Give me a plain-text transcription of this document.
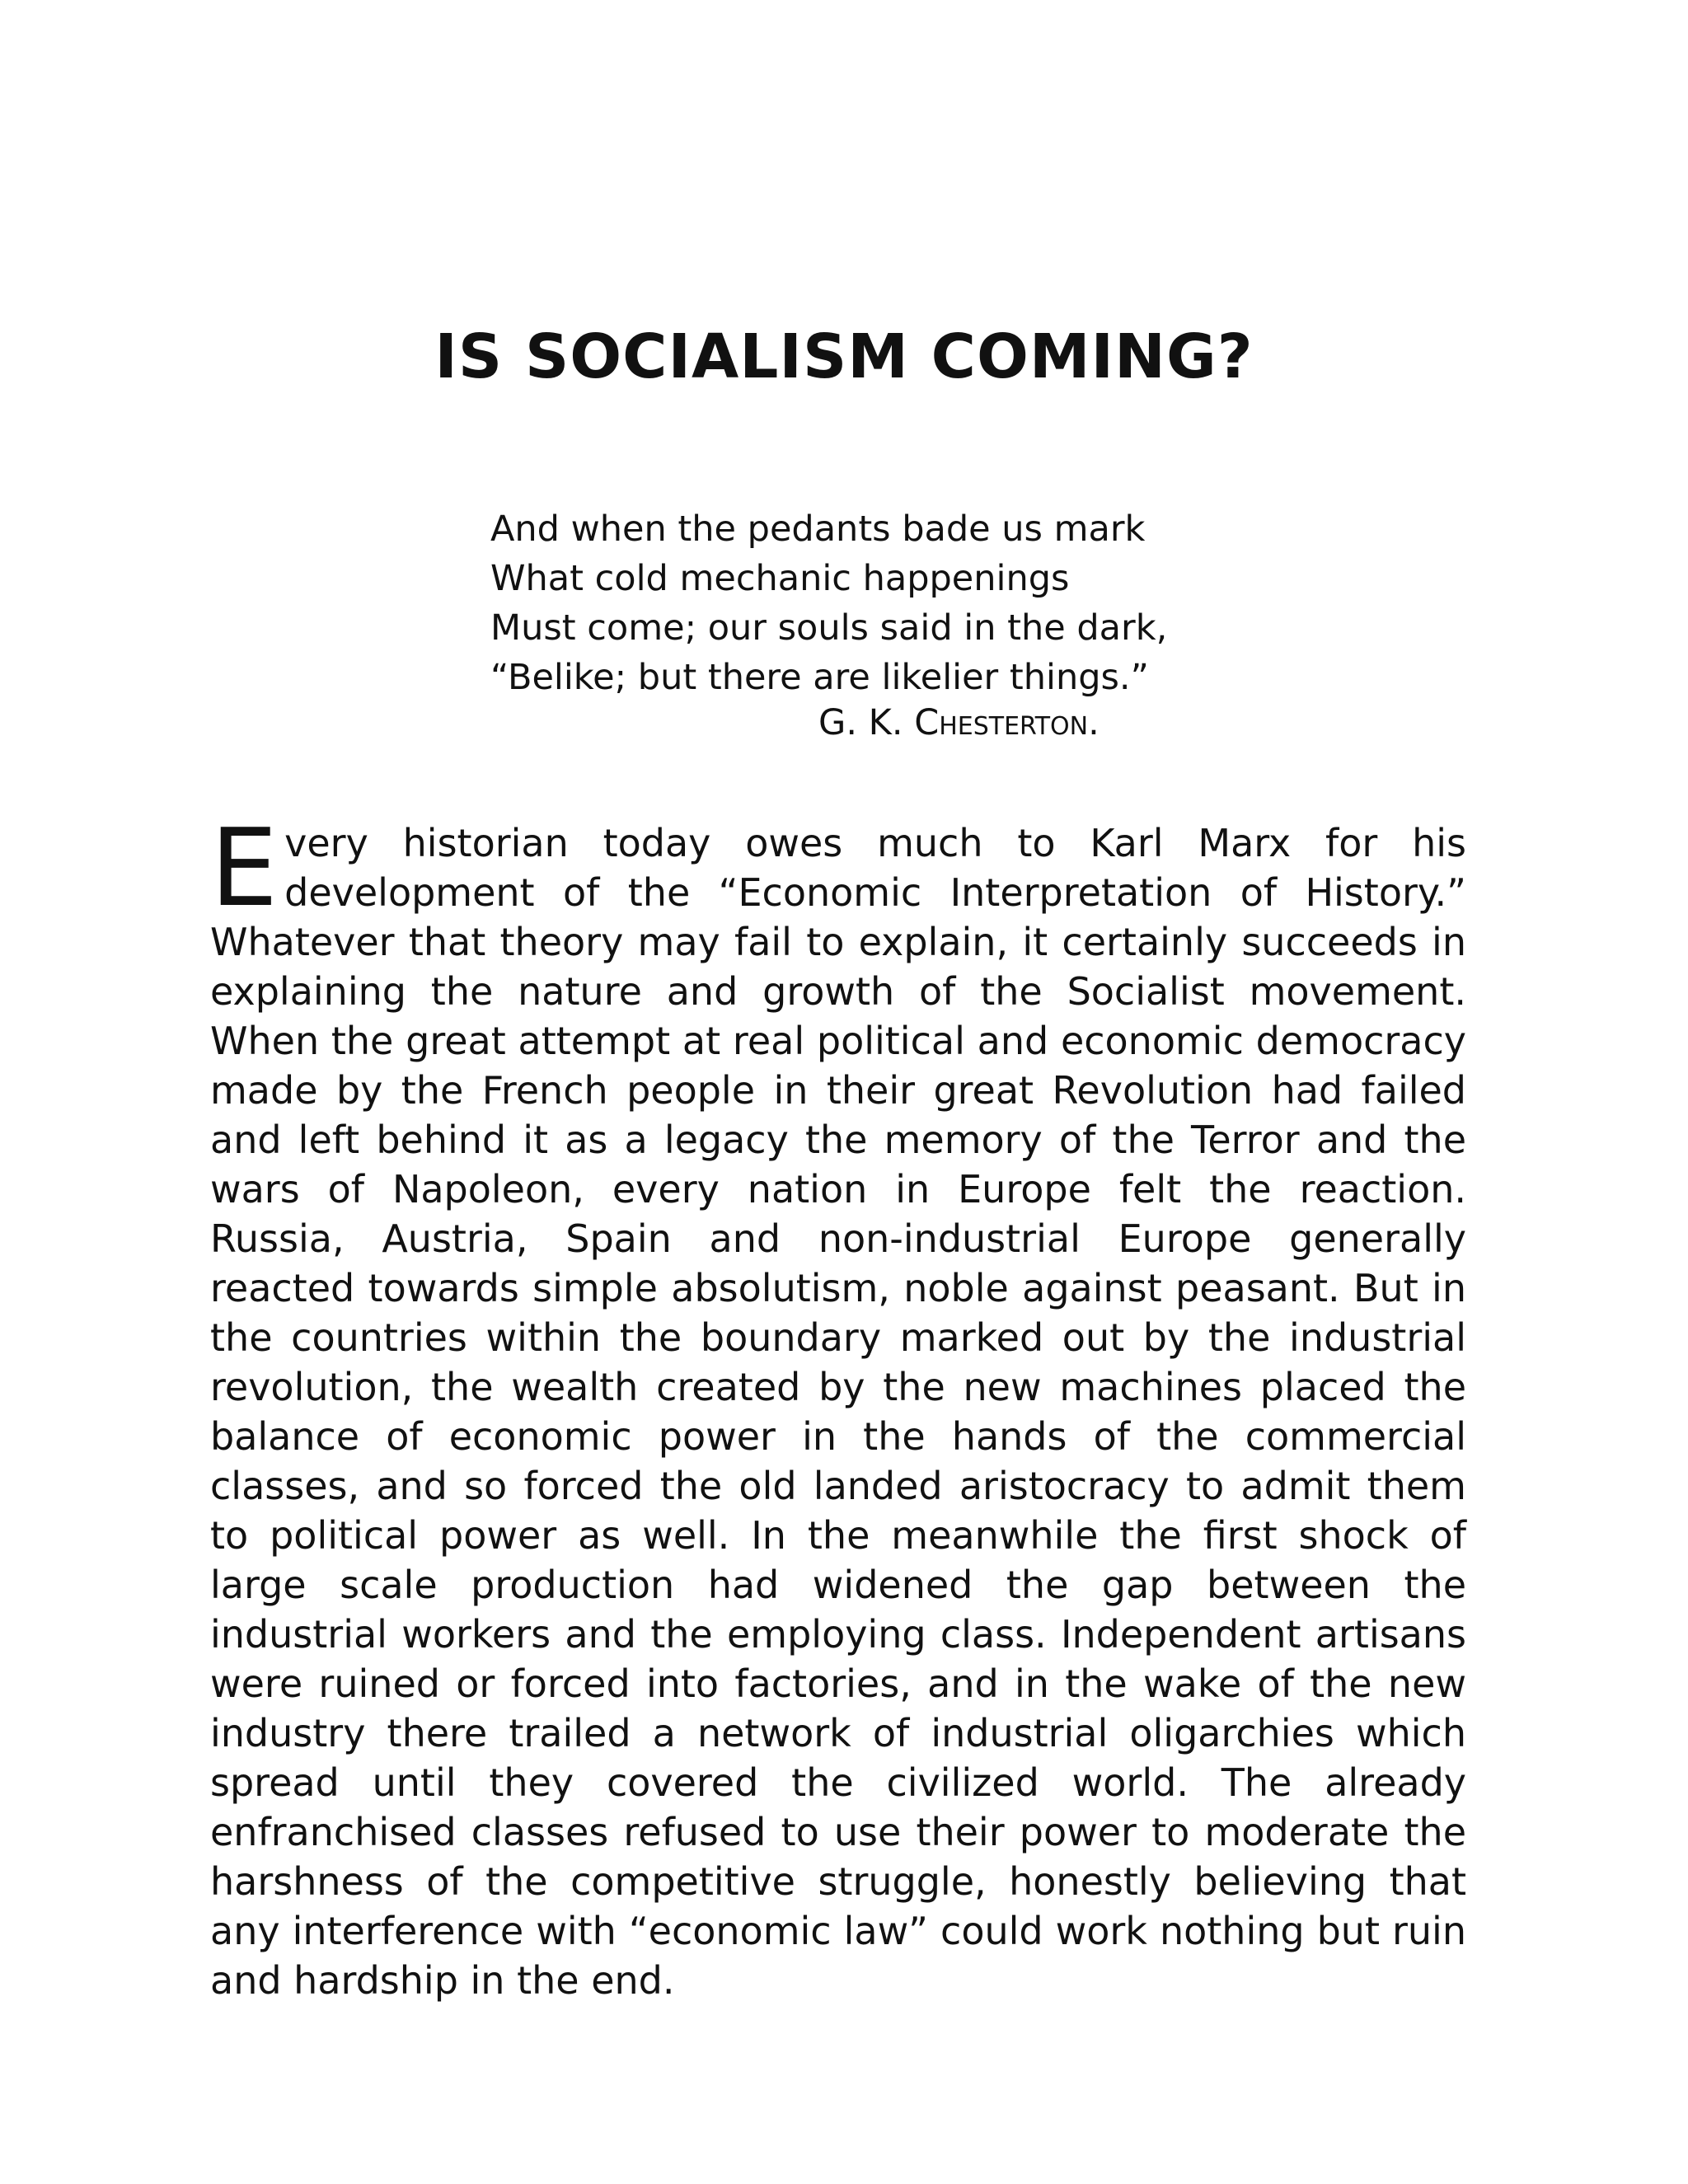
IS SOCIALISM COMING?
And when the pedants bade us mark
What cold mechanic happenings
Must come; our souls said in the dark,
“Belike; but there are likelier things.”
G. K. Chesterton.
Every historian today owes much to Karl Marx for his development of the “Economic Interpretation of History.” Whatever that theory may fail to explain, it certainly succeeds in explaining the nature and growth of the Socialist movement. When the great attempt at real political and economic democracy made by the French people in their great Revolution had failed and left behind it as a legacy the memory of the Terror and the wars of Napoleon, every nation in Europe felt the reaction. Russia, Austria, Spain and non-industrial Europe generally reacted towards simple absolutism, noble against peasant. But in the countries within the boundary marked out by the industrial revolution, the wealth created by the new machines placed the balance of economic power in the hands of the commercial classes, and so forced the old landed aristocracy to admit them to political power as well. In the meanwhile the first shock of large scale production had widened the gap between the industrial workers and the employing class. Independent artisans were ruined or forced into factories, and in the wake of the new industry there trailed a network of industrial oligarchies which spread until they covered the civilized world. The already enfranchised classes refused to use their power to moderate the harshness of the competitive struggle, honestly believing that any interference with “economic law” could work nothing but ruin and hardship in the end.
